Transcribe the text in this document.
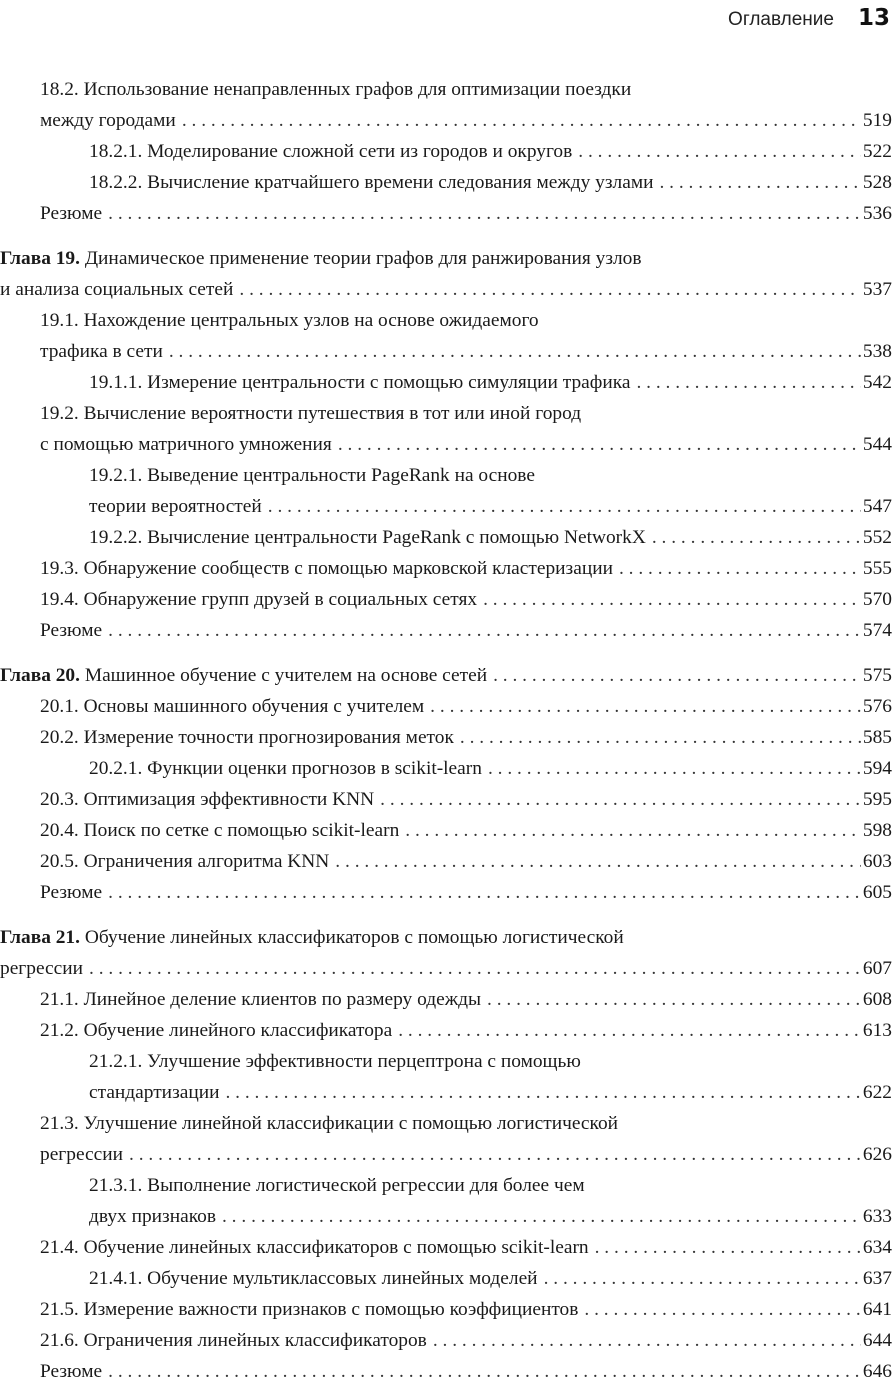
Оглавление 13
18.2. Использование ненаправленных графов для оптимизации поездки
между городами . . .	519
18.2.1. Моделирование сложной сети из городов и округов . . .	522
18.2.2. Вычисление кратчайшего времени следования между узлами . . .	528
Резюме . . .	536
Глава 19. Динамическое применение теории графов для ранжирования узлов
и анализа социальных сетей . . .	537
19.1. Нахождение центральных узлов на основе ожидаемого
трафика в сети . . .	538
19.1.1. Измерение центральности с помощью симуляции трафика . . .	542
19.2. Вычисление вероятности путешествия в тот или иной город
с помощью матричного умножения . . .	544
19.2.1. Выведение центральности PageRank на основе
теории вероятностей . . .	547
19.2.2. Вычисление центральности PageRank с помощью NetworkX . . .	552
19.3. Обнаружение сообществ с помощью марковской кластеризации . . .	555
19.4. Обнаружение групп друзей в социальных сетях . . .	570
Резюме . . .	574
Глава 20. Машинное обучение с учителем на основе сетей . . .	575
20.1. Основы машинного обучения с учителем . . .	576
20.2. Измерение точности прогнозирования меток . . .	585
20.2.1. Функции оценки прогнозов в scikit-learn . . .	594
20.3. Оптимизация эффективности KNN . . .	595
20.4. Поиск по сетке с помощью scikit-learn . . .	598
20.5. Ограничения алгоритма KNN . . .	603
Резюме . . .	605
Глава 21. Обучение линейных классификаторов с помощью логистической
регрессии . . .	607
21.1. Линейное деление клиентов по размеру одежды . . .	608
21.2. Обучение линейного классификатора . . .	613
21.2.1. Улучшение эффективности перцептрона с помощью
стандартизации . . .	622
21.3. Улучшение линейной классификации с помощью логистической
регрессии . . .	626
21.3.1. Выполнение логистической регрессии для более чем
двух признаков . . .	633
21.4. Обучение линейных классификаторов с помощью scikit-learn . . .	634
21.4.1. Обучение мультиклассовых линейных моделей . . .	637
21.5. Измерение важности признаков с помощью коэффициентов . . .	641
21.6. Ограничения линейных классификаторов . . .	644
Резюме . . .	646
